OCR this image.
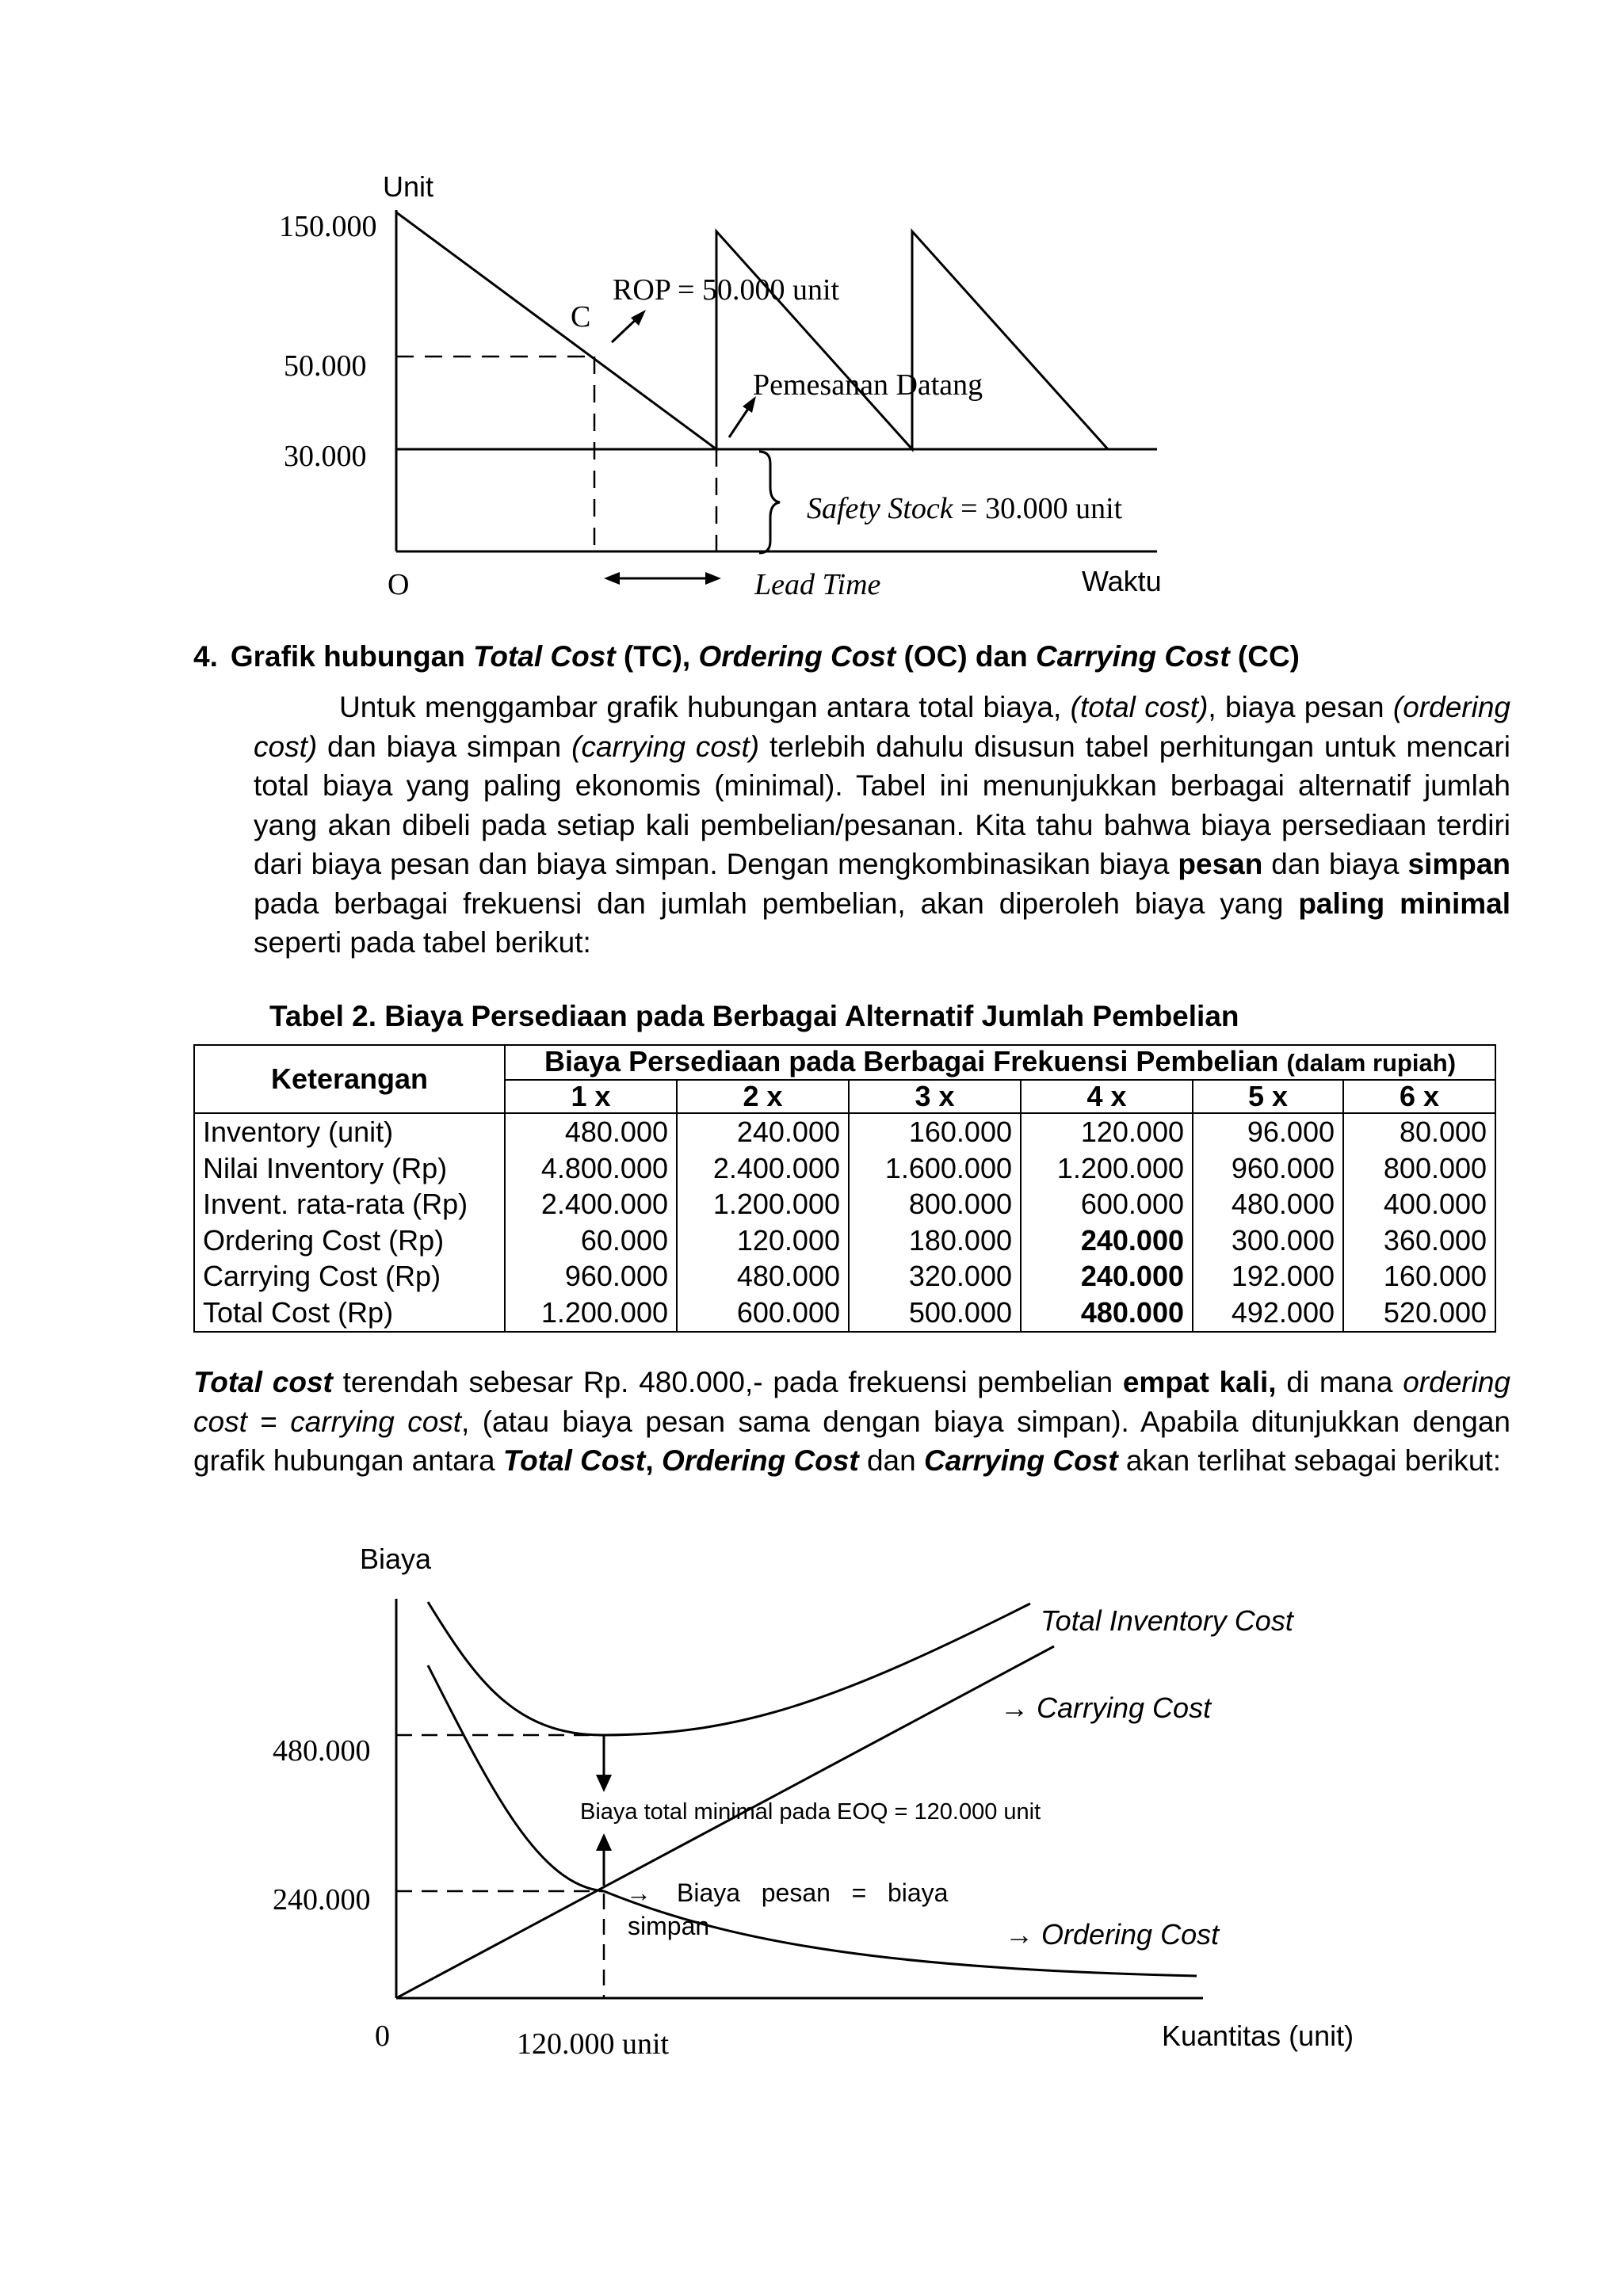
Unit
150.000
50.000
30.000
C
ROP = 50.000 unit
Pemesanan Datang
Safety Stock = 30.000 unit
O	Lead Time	Waktu
4. Grafik hubungan Total Cost (TC), Ordering Cost (OC) dan Carrying Cost (CC)
Untuk menggambar grafik hubungan antara total biaya, (total cost), biaya pesan (ordering cost) dan biaya simpan (carrying cost) terlebih dahulu disusun tabel perhitungan untuk mencari total biaya yang paling ekonomis (minimal). Tabel ini menunjukkan berbagai alternatif jumlah yang akan dibeli pada setiap kali pembelian/pesanan. Kita tahu bahwa biaya persediaan terdiri dari biaya pesan dan biaya simpan. Dengan mengkombinasikan biaya pesan dan biaya simpan pada berbagai frekuensi dan jumlah pembelian, akan diperoleh biaya yang paling minimal seperti pada tabel berikut:
Tabel 2. Biaya Persediaan pada Berbagai Alternatif Jumlah Pembelian
Keterangan	Biaya Persediaan pada Berbagai Frekuensi Pembelian (dalam rupiah)					
	1 x	2 x	3 x	4 x	5 x	6 x
Inventory (unit)	480.000	240.000	160.000	120.000	96.000	80.000
Nilai Inventory (Rp)	4.800.000	2.400.000	1.600.000	1.200.000	960.000	800.000
Invent. rata-rata (Rp)	2.400.000	1.200.000	800.000	600.000	480.000	400.000
Ordering Cost (Rp)	60.000	120.000	180.000	240.000	300.000	360.000
Carrying Cost (Rp)	960.000	480.000	320.000	240.000	192.000	160.000
Total Cost (Rp)	1.200.000	600.000	500.000	480.000	492.000	520.000
Total cost terendah sebesar Rp. 480.000,- pada frekuensi pembelian empat kali, di mana ordering cost = carrying cost, (atau biaya pesan sama dengan biaya simpan). Apabila ditunjukkan dengan grafik hubungan antara Total Cost, Ordering Cost dan Carrying Cost akan terlihat sebagai berikut:
Biaya
480.000
240.000
0	120.000 unit	Kuantitas (unit)
Total Inventory Cost
→ Carrying Cost
→ Ordering Cost
Biaya total minimal pada EOQ = 120.000 unit
→ Biaya   pesan   =   biaya
simpan
